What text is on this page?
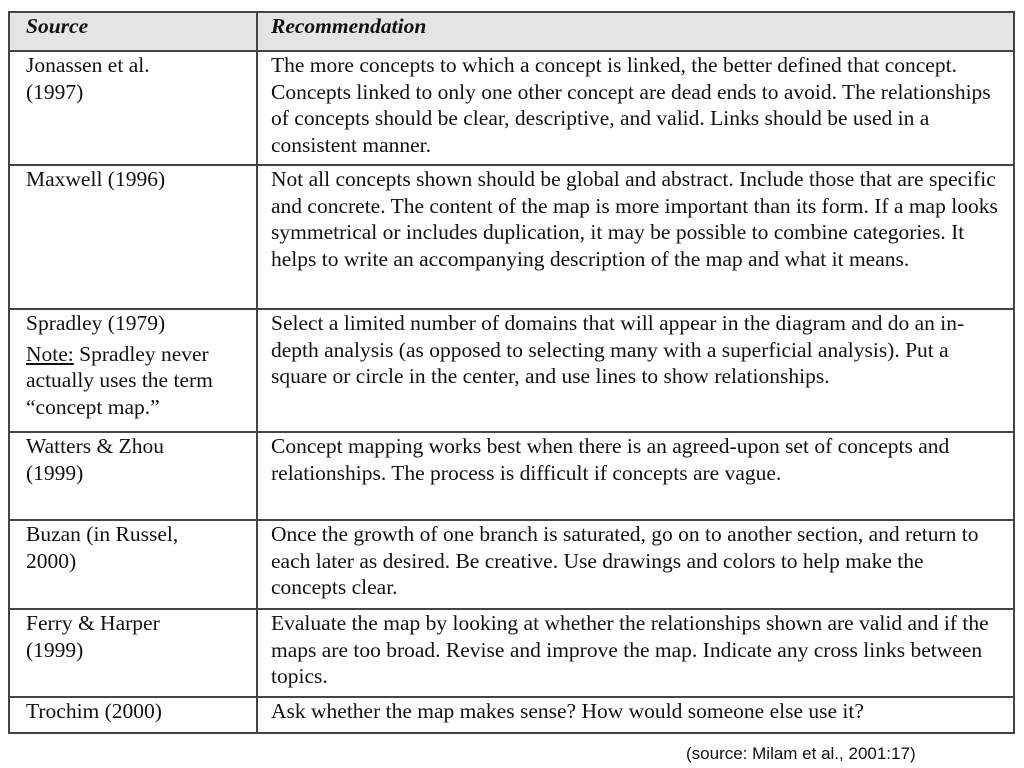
Source	Recommendation
Jonassen et al.
(1997)	The more concepts to which a concept is linked, the better defined that concept. Concepts linked to only one other concept are dead ends to avoid. The relationships of concepts should be clear, descriptive, and valid. Links should be used in a consistent manner.
Maxwell (1996)	Not all concepts shown should be global and abstract. Include those that are specific and concrete. The content of the map is more important than its form. If a map looks symmetrical or includes duplication, it may be possible to combine categories. It helps to write an accompanying description of the map and what it means.
Spradley (1979)
Note: Spradley never actually uses the term “concept map.”	Select a limited number of domains that will appear in the diagram and do an in-depth analysis (as opposed to selecting many with a superficial analysis). Put a square or circle in the center, and use lines to show relationships.
Watters & Zhou
(1999)	Concept mapping works best when there is an agreed-upon set of concepts and relationships. The process is difficult if concepts are vague.
Buzan (in Russel,
2000)	Once the growth of one branch is saturated, go on to another section, and return to each later as desired. Be creative. Use drawings and colors to help make the concepts clear.
Ferry & Harper
(1999)	Evaluate the map by looking at whether the relationships shown are valid and if the maps are too broad. Revise and improve the map. Indicate any cross links between topics.
Trochim (2000)	Ask whether the map makes sense? How would someone else use it?
(source: Milam et al., 2001:17)
